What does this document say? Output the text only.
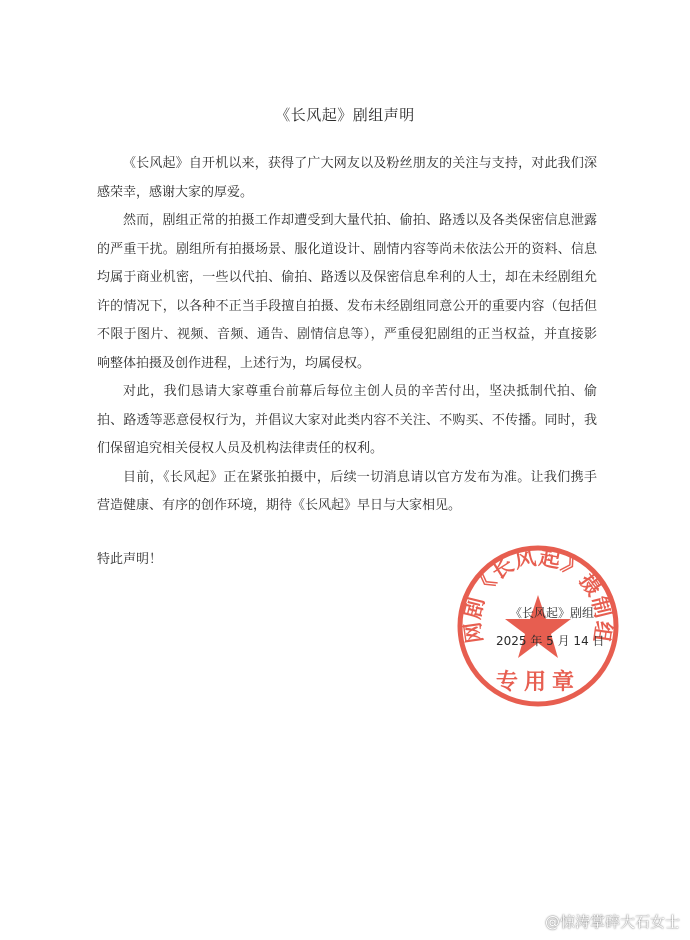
《长风起》剧组声明

《长风起》自开机以来，获得了广大网友以及粉丝朋友的关注与支持，对此我们深感荣幸，感谢大家的厚爱。

然而，剧组正常的拍摄工作却遭受到大量代拍、偷拍、路透以及各类保密信息泄露的严重干扰。剧组所有拍摄场景、服化道设计、剧情内容等尚未依法公开的资料、信息均属于商业机密，一些以代拍、偷拍、路透以及保密信息牟利的人士，却在未经剧组允许的情况下，以各种不正当手段擅自拍摄、发布未经剧组同意公开的重要内容（包括但不限于图片、视频、音频、通告、剧情信息等），严重侵犯剧组的正当权益，并直接影响整体拍摄及创作进程，上述行为，均属侵权。

对此，我们恳请大家尊重台前幕后每位主创人员的辛苦付出，坚决抵制代拍、偷拍、路透等恶意侵权行为，并倡议大家对此类内容不关注、不购买、不传播。同时，我们保留追究相关侵权人员及机构法律责任的权利。

目前，《长风起》正在紧张拍摄中，后续一切消息请以官方发布为准。让我们携手营造健康、有序的创作环境，期待《长风起》早日与大家相见。

特此声明！
网剧《长风起》摄制组
专用章
《长风起》剧组
2025 年 5 月 14 日
@惊涛掌碎大石女士
